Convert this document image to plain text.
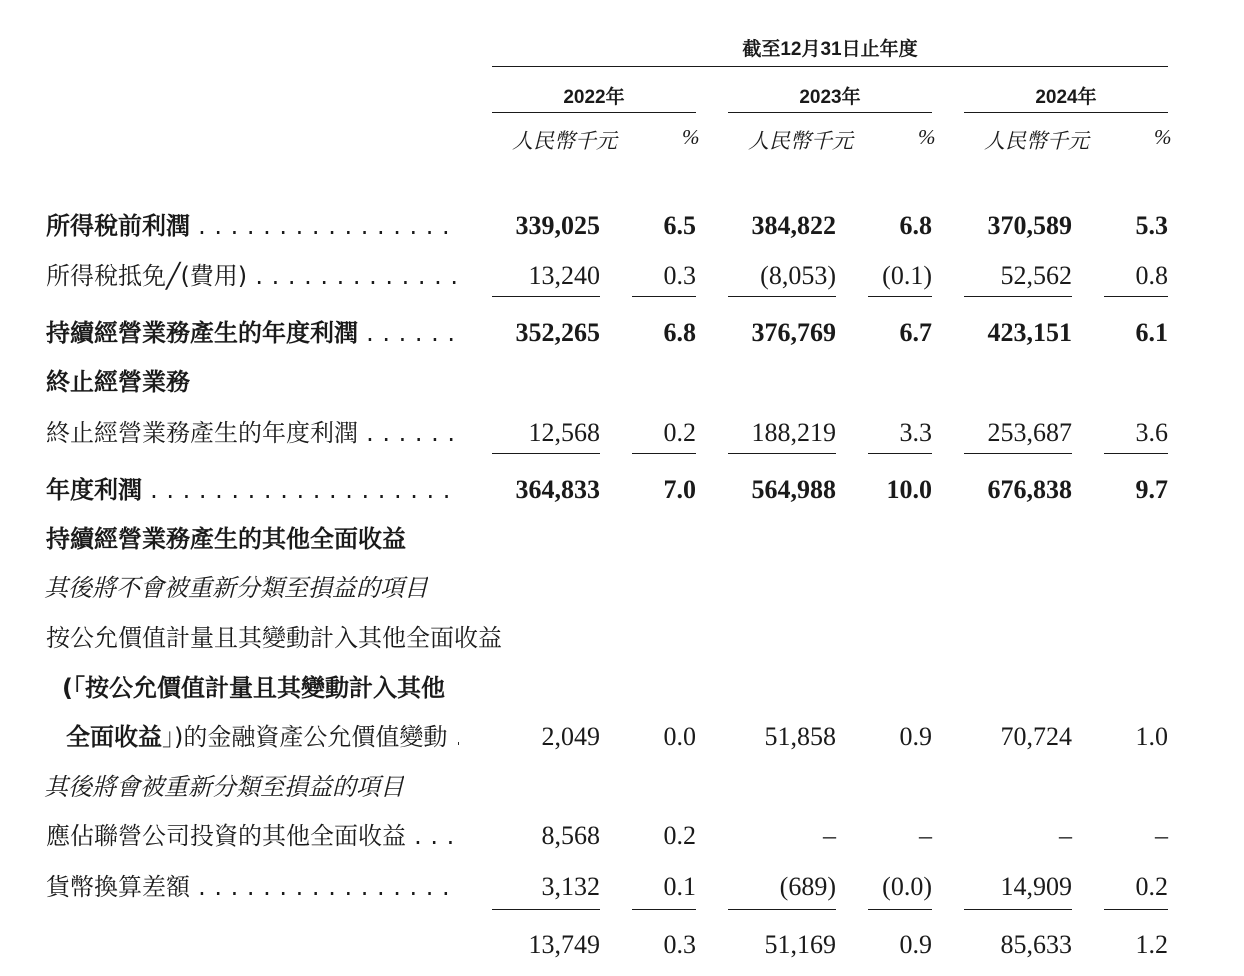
截至12月31日止年度
2022年	2023年	2024年
人民幣千元	% 人民幣千元	% 人民幣千元	%
所得稅前利潤 . . .	339,025 6.5 384,822 6.8 370,589 5.3
所得稅抵免╱(費用) . . .	13,240 0.3 (8,053) (0.1)	52,562 0.8
持續經營業務產生的年度利潤 . . .	352,265 6.8 376,769 6.7 423,151 6.1
終止經營業務
終止經營業務產生的年度利潤 . . .	12,568 0.2 188,219 3.3 253,687 3.6
年度利潤 . . .	364,833 7.0 564,988 10.0 676,838 9.7
持續經營業務產生的其他全面收益
其後將不會被重新分類至損益的項目
按公允價值計量且其變動計入其他全面收益
(「按公允價值計量且其變動計入其他
全面收益」)的金融資產公允價值變動 . . .	2,049 0.0	51,858 0.9	70,724 1.0
其後將會被重新分類至損益的項目
應佔聯營公司投資的其他全面收益 . . .	8,568 0.2	–	–	–	–
貨幣換算差額 . . .	3,132 0.1	(689) (0.0)	14,909 0.2
13,749 0.3	51,169 0.9	85,633 1.2
